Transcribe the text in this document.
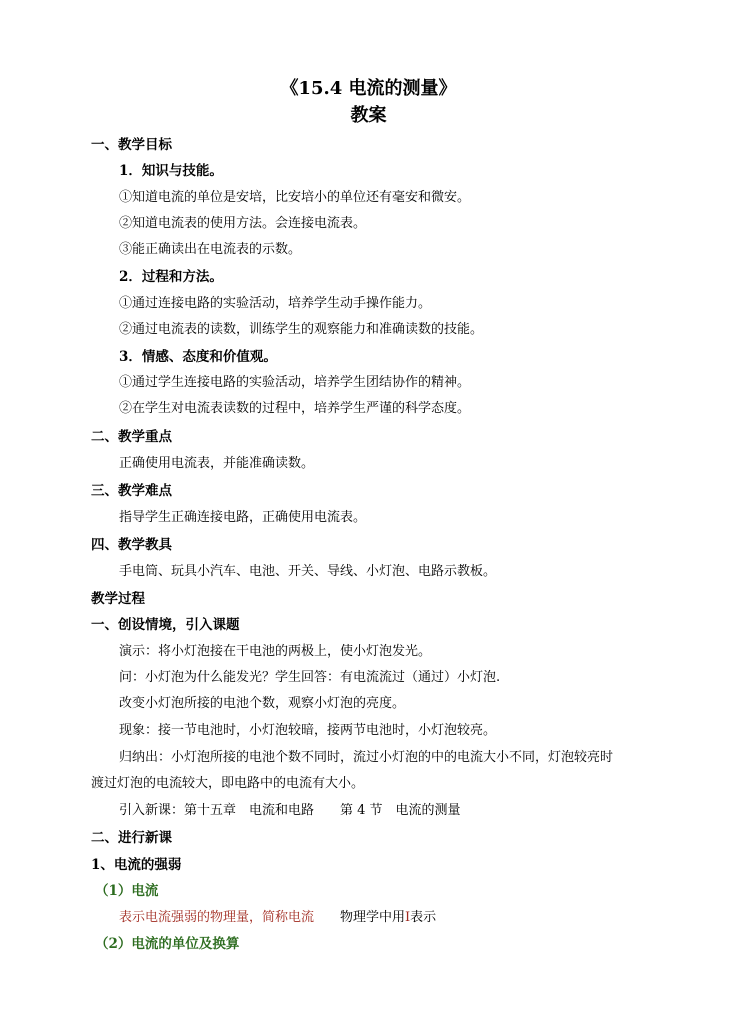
《15.4 电流的测量》
教案
一、教学目标
1．知识与技能。
①知道电流的单位是安培，比安培小的单位还有毫安和微安。
②知道电流表的使用方法。会连接电流表。
③能正确读出在电流表的示数。
2．过程和方法。
①通过连接电路的实验活动，培养学生动手操作能力。
②通过电流表的读数，训练学生的观察能力和准确读数的技能。
3．情感、态度和价值观。
①通过学生连接电路的实验活动，培养学生团结协作的精神。
②在学生对电流表读数的过程中，培养学生严谨的科学态度。
二、教学重点
正确使用电流表，并能准确读数。
三、教学难点
指导学生正确连接电路，正确使用电流表。
四、教学教具
手电筒、玩具小汽车、电池、开关、导线、小灯泡、电路示教板。
教学过程
一、创设情境，引入课题
演示：将小灯泡接在干电池的两极上，使小灯泡发光。
问：小灯泡为什么能发光？学生回答：有电流流过（通过）小灯泡.
改变小灯泡所接的电池个数，观察小灯泡的亮度。
现象：接一节电池时，小灯泡较暗，接两节电池时，小灯泡较亮。
归纳出：小灯泡所接的电池个数不同时，流过小灯泡的中的电流大小不同，灯泡较亮时
渡过灯泡的电流较大，即电路中的电流有大小。
引入新课：第十五章　电流和电路　　第 4 节　电流的测量
二、进行新课
1、电流的强弱
（1）电流
表示电流强弱的物理量，简称电流　　物理学中用I表示
（2）电流的单位及换算
